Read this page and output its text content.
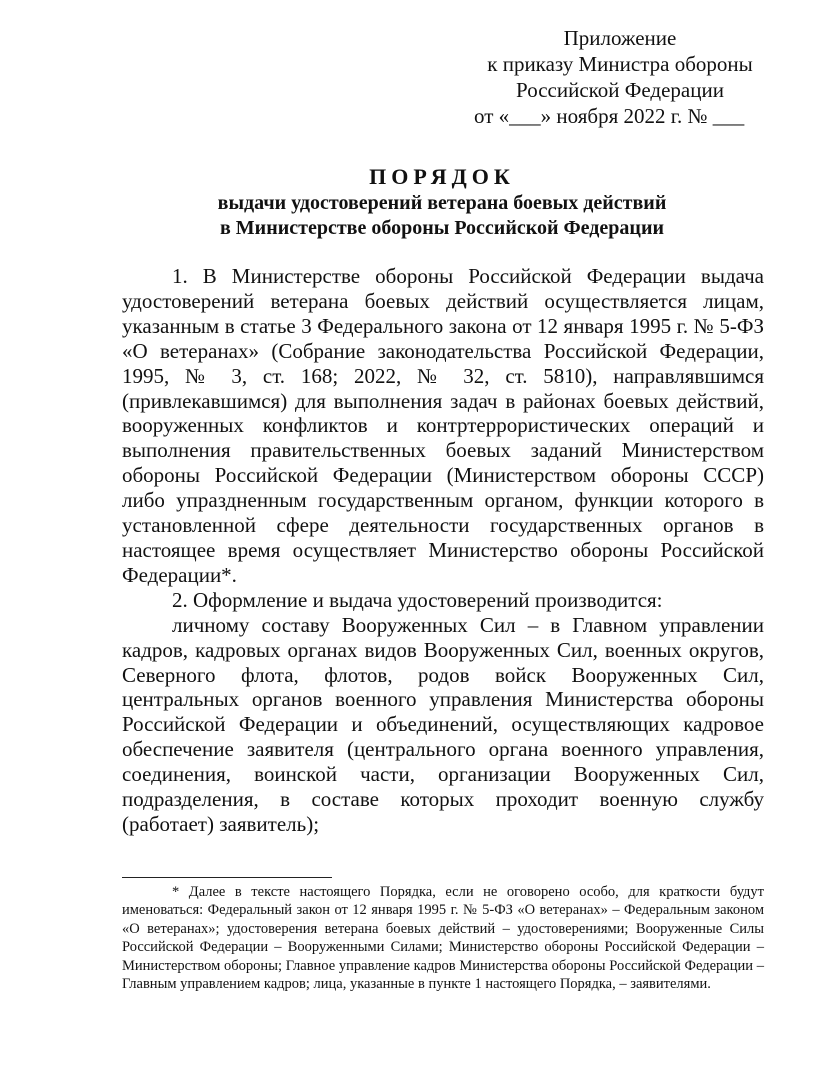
Приложение
к приказу Министра обороны
Российской Федерации
от «___» ноября 2022 г. № ___
ПОРЯДОК
выдачи удостоверений ветерана боевых действий
в Министерстве обороны Российской Федерации

1. В Министерстве обороны Российской Федерации выдача удостоверений ветерана боевых действий осуществляется лицам, указанным в статье 3 Федерального закона от 12 января 1995 г. № 5-ФЗ «О ветеранах» (Собрание законодательства Российской Федерации, 1995, № 3, ст. 168; 2022, № 32, ст. 5810), направлявшимся (привлекавшимся) для выполнения задач в районах боевых действий, вооруженных конфликтов и контртеррористических операций и выполнения правительственных боевых заданий Министерством обороны Российской Федерации (Министерством обороны СССР) либо упраздненным государственным органом, функции которого в установленной сфере деятельности государственных органов в настоящее время осуществляет Министерство обороны Российской Федерации*.

2. Оформление и выдача удостоверений производится:

личному составу Вооруженных Сил – в Главном управлении кадров, кадровых органах видов Вооруженных Сил, военных округов, Северного флота, флотов, родов войск Вооруженных Сил, центральных органов военного управления Министерства обороны Российской Федерации и объединений, осуществляющих кадровое обеспечение заявителя (центрального органа военного управления, соединения, воинской части, организации Вооруженных Сил, подразделения, в составе которых проходит военную службу (работает) заявитель);

* Далее в тексте настоящего Порядка, если не оговорено особо, для краткости будут именоваться: Федеральный закон от 12 января 1995 г. № 5-ФЗ «О ветеранах» – Федеральным законом «О ветеранах»; удостоверения ветерана боевых действий – удостоверениями; Вооруженные Силы Российской Федерации – Вооруженными Силами; Министерство обороны Российской Федерации – Министерством обороны; Главное управление кадров Министерства обороны Российской Федерации – Главным управлением кадров; лица, указанные в пункте 1 настоящего Порядка, – заявителями.
